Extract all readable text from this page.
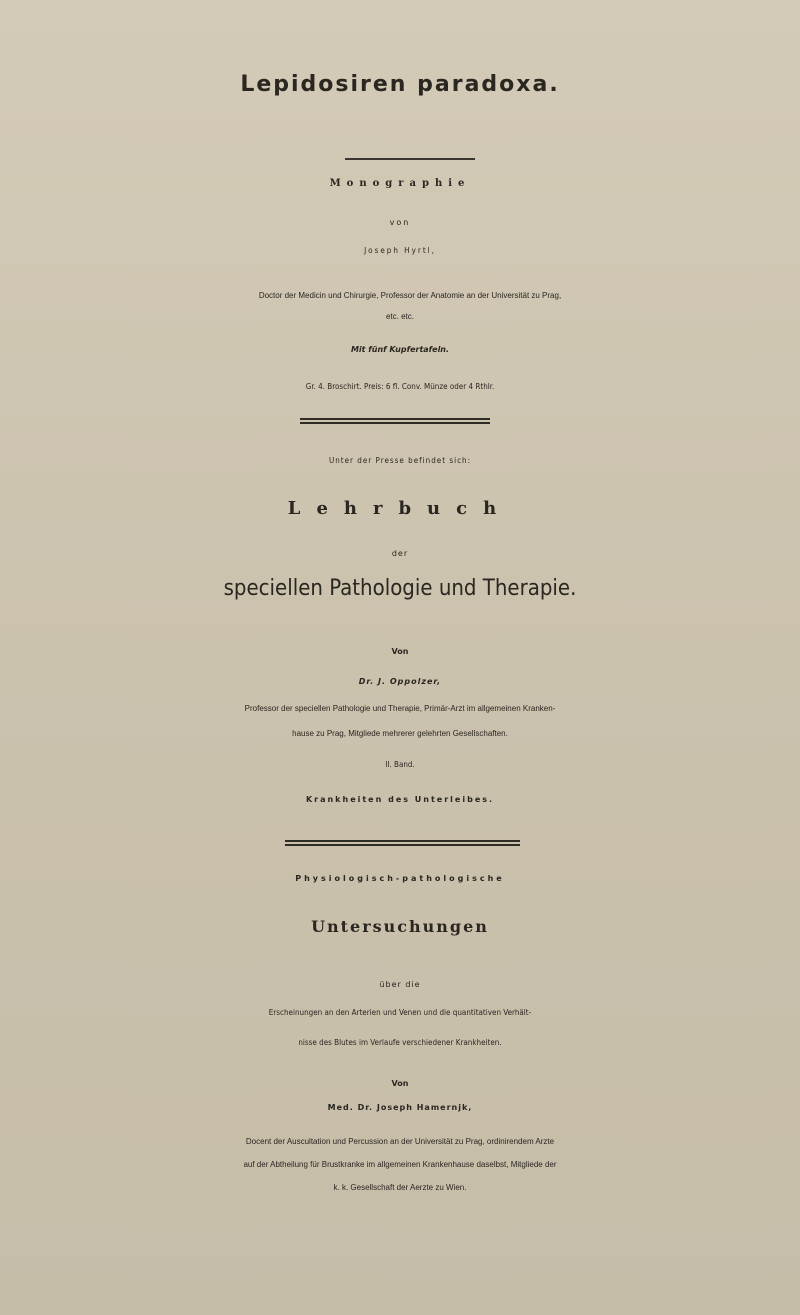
Lepidosiren paradoxa.
Monographie
von
Joseph Hyrtl,
Doctor der Medicin und Chirurgie, Professor der Anatomie an der Universität zu Prag,
etc. etc.
Mit fünf Kupfertafeln.
Gr. 4. Broschirt. Preis: 6 fl. Conv. Münze oder 4 Rthlr.
Unter der Presse befindet sich:
Lehrbuch
der
speciellen Pathologie und Therapie.
Von
Dr. J. Oppolzer,
Professor der speciellen Pathologie und Therapie, Primär-Arzt im allgemeinen Kranken-
hause zu Prag, Mitgliede mehrerer gelehrten Gesellschaften.
II. Band.
Krankheiten des Unterleibes.
Physiologisch-pathologische
Untersuchungen
über die
Erscheinungen an den Arterien und Venen und die quantitativen Verhält-
nisse des Blutes im Verlaufe verschiedener Krankheiten.
Von
Med. Dr. Joseph Hamernjk,
Docent der Auscultation und Percussion an der Universität zu Prag, ordinirendem Arzte
auf der Abtheilung für Brustkranke im allgemeinen Krankenhause daselbst, Mitgliede der
k. k. Gesellschaft der Aerzte zu Wien.
